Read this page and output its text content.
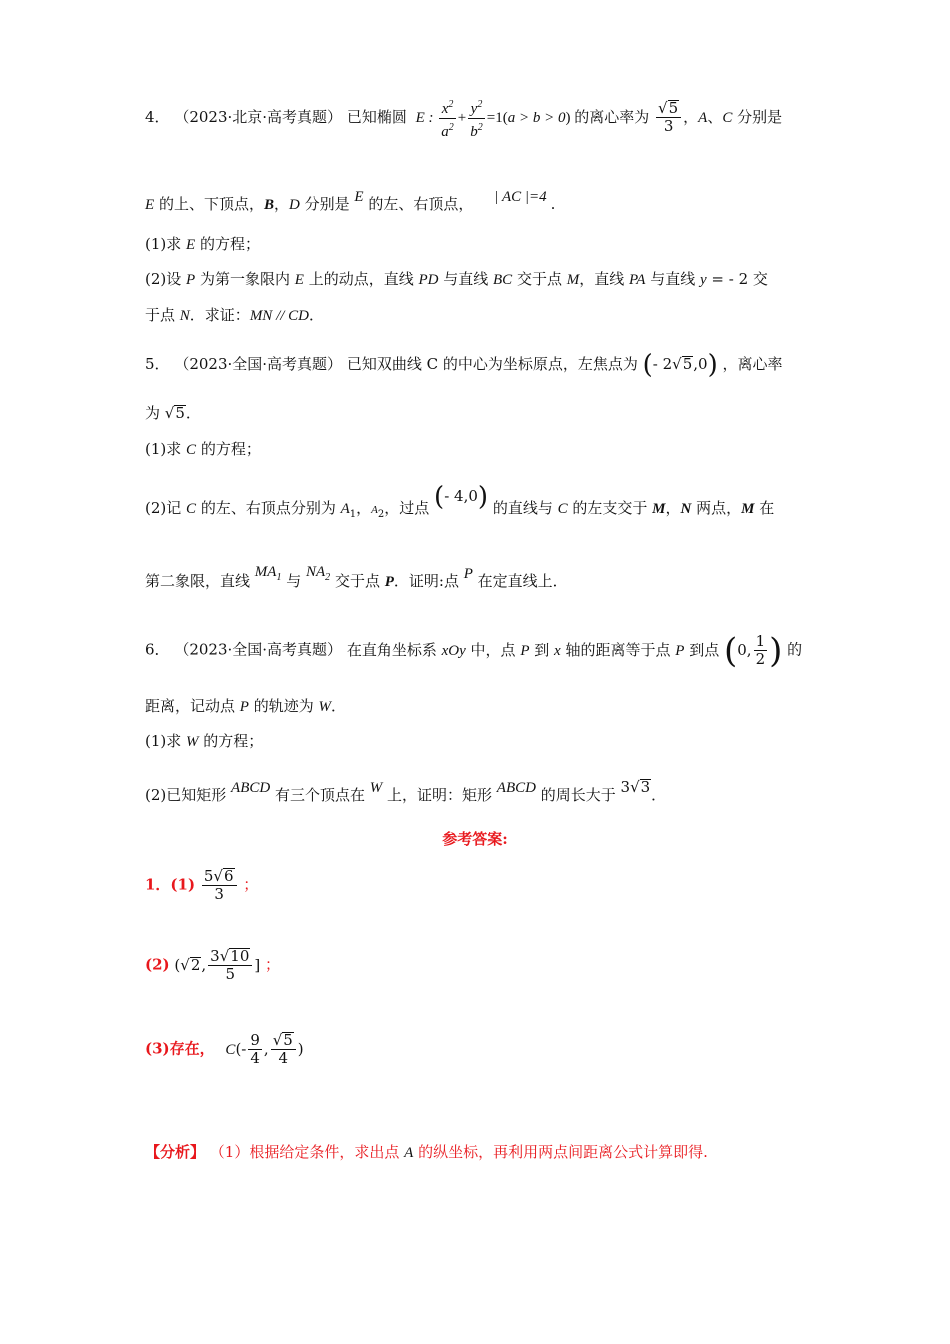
4． （2023·北京·高考真题） 已知椭圆 E : $\frac{x^2}{a^2} + \frac{y^2}{b^2} =1(a > b > 0)$ 的离心率为 $\frac{√5}{3}$ ，A、C 分别是
E 的上、下顶点，B，D 分别是 E 的左、右顶点， | AC |=4 .
(1)求 E 的方程；
(2)设 P 为第一象限内 E 上的动点，直线 PD 与直线 BC 交于点 M，直线 PA 与直线 y = - 2 交
于点 N．求证：MN // CD．
5． （2023·全国·高考真题） 已知双曲线 C 的中心为坐标原点，左焦点为 (- 2√5,0) ，离心率
为 √5．
(1)求 C 的方程；
(2)记 C 的左、右顶点分别为 $A_1$，$A_2$，过点 (- 4,0) 的直线与 C 的左支交于 M，N 两点，M 在
第二象限，直线 $MA_1$ 与 $NA_2$ 交于点 P．证明:点 P 在定直线上．
6． （2023·全国·高考真题） 在直角坐标系 xOy 中，点 P 到 x 轴的距离等于点 P 到点 (0, $\frac{1}{2}$ ) 的
距离，记动点 P 的轨迹为 W．
(1)求 W 的方程；
(2)已知矩形 ABCD 有三个顶点在 W 上，证明：矩形 ABCD 的周长大于 3√3．
参考答案:
1．$(1) \frac{5√6}{3}$ ；
(2) (√2, $\frac{3√10}{5}$ ] ；
(3)存在， $C(- \frac{9}{4}$ , $\frac{√5}{4}$ )
【分析】 （1）根据给定条件，求出点 A 的纵坐标，再利用两点间距离公式计算即得.
